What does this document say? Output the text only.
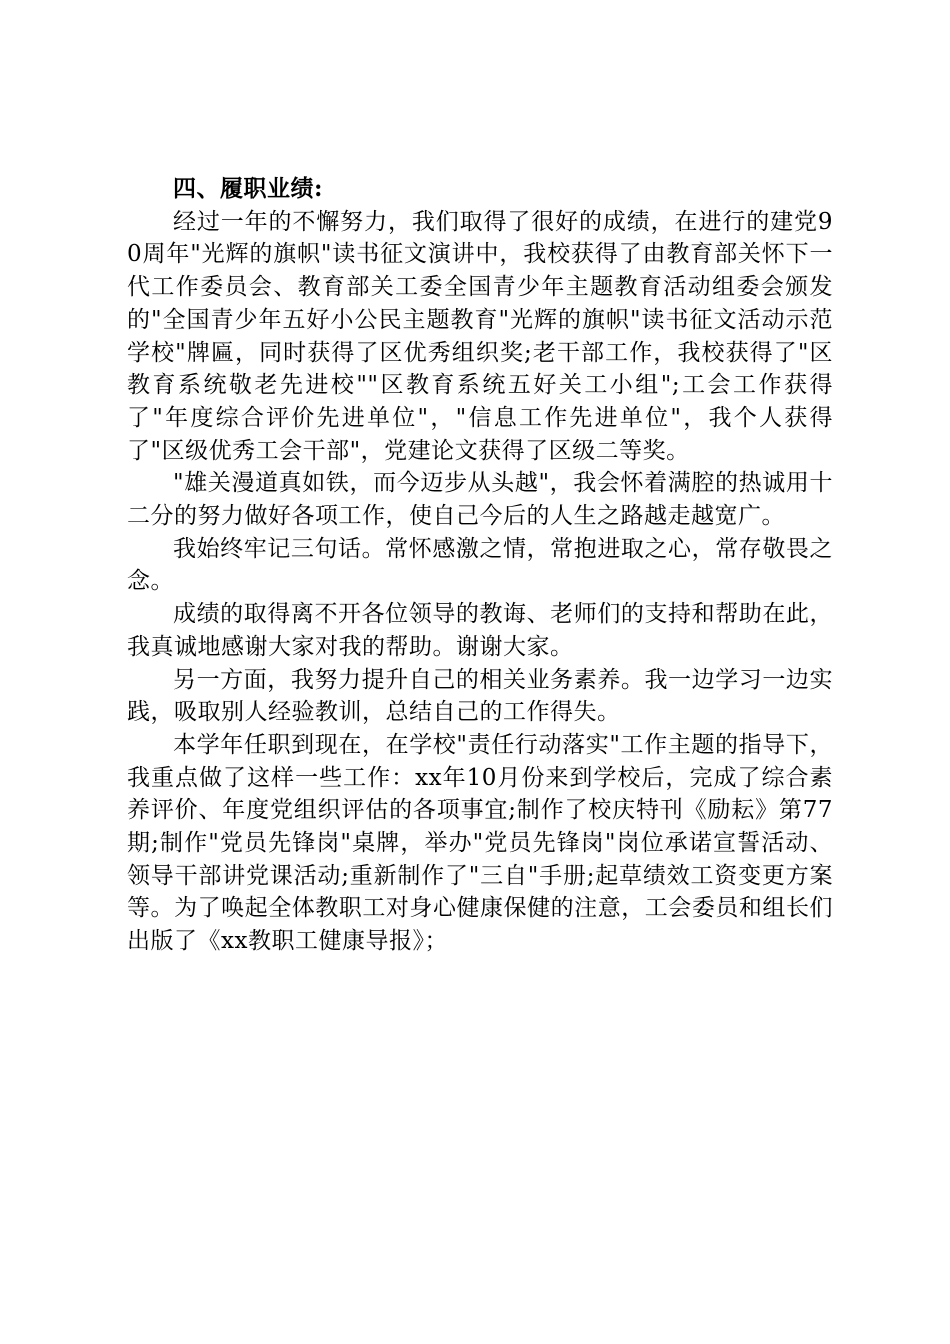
四、履职业绩:

经过一年的不懈努力，我们取得了很好的成绩，在进行的建党90周年"光辉的旗帜"读书征文演讲中，我校获得了由教育部关怀下一代工作委员会、教育部关工委全国青少年主题教育活动组委会颁发的"全国青少年五好小公民主题教育"光辉的旗帜"读书征文活动示范学校"牌匾，同时获得了区优秀组织奖;老干部工作，我校获得了"区教育系统敬老先进校""区教育系统五好关工小组";工会工作获得了"年度综合评价先进单位"，"信息工作先进单位"，我个人获得了"区级优秀工会干部"，党建论文获得了区级二等奖。

"雄关漫道真如铁，而今迈步从头越"，我会怀着满腔的热诚用十二分的努力做好各项工作，使自己今后的人生之路越走越宽广。

我始终牢记三句话。常怀感激之情，常抱进取之心，常存敬畏之念。

成绩的取得离不开各位领导的教诲、老师们的支持和帮助在此，我真诚地感谢大家对我的帮助。谢谢大家。

另一方面，我努力提升自己的相关业务素养。我一边学习一边实践，吸取别人经验教训，总结自己的工作得失。

本学年任职到现在，在学校"责任行动落实"工作主题的指导下，我重点做了这样一些工作：xx年10月份来到学校后，完成了综合素养评价、年度党组织评估的各项事宜;制作了校庆特刊《励耘》第77期;制作"党员先锋岗"桌牌，举办"党员先锋岗"岗位承诺宣誓活动、领导干部讲党课活动;重新制作了"三自"手册;起草绩效工资变更方案等。为了唤起全体教职工对身心健康保健的注意，工会委员和组长们出版了《xx教职工健康导报》；
